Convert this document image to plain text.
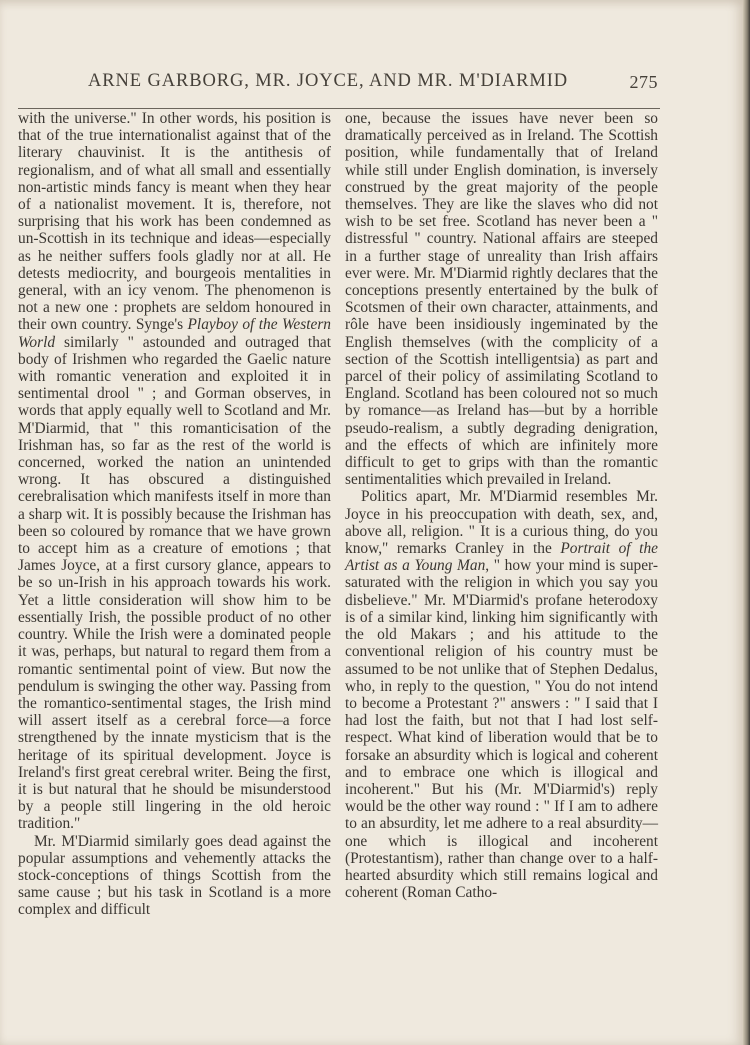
ARNE GARBORG, MR. JOYCE, AND MR. M'DIARMID	275

with the universe." In other words, his position is that of the true internationalist against that of the literary chauvinist. It is the antithesis of regionalism, and of what all small and essentially non-artistic minds fancy is meant when they hear of a nationalist movement. It is, therefore, not surprising that his work has been condemned as un-Scottish in its technique and ideas—especially as he neither suffers fools gladly nor at all. He detests mediocrity, and bourgeois mentalities in general, with an icy venom. The phenomenon is not a new one : prophets are seldom honoured in their own country. Synge's Playboy of the Western World similarly " astounded and outraged that body of Irishmen who regarded the Gaelic nature with romantic veneration and exploited it in sentimental drool " ; and Gorman observes, in words that apply equally well to Scotland and Mr. M'Diarmid, that " this romanticisation of the Irishman has, so far as the rest of the world is concerned, worked the nation an unintended wrong. It has obscured a distinguished cerebralisation which manifests itself in more than a sharp wit. It is possibly because the Irishman has been so coloured by romance that we have grown to accept him as a creature of emotions ; that James Joyce, at a first cursory glance, appears to be so un-Irish in his approach towards his work. Yet a little consideration will show him to be essentially Irish, the possible product of no other country. While the Irish were a dominated people it was, perhaps, but natural to regard them from a romantic sentimental point of view. But now the pendulum is swinging the other way. Passing from the romantico-sentimental stages, the Irish mind will assert itself as a cerebral force—a force strengthened by the innate mysticism that is the heritage of its spiritual development. Joyce is Ireland's first great cerebral writer. Being the first, it is but natural that he should be misunderstood by a people still lingering in the old heroic tradition."

Mr. M'Diarmid similarly goes dead against the popular assumptions and vehemently attacks the stock-conceptions of things Scottish from the same cause ; but his task in Scotland is a more complex and difficult

one, because the issues have never been so dramatically perceived as in Ireland. The Scottish position, while fundamentally that of Ireland while still under English domination, is inversely construed by the great majority of the people themselves. They are like the slaves who did not wish to be set free. Scotland has never been a " distressful " country. National affairs are steeped in a further stage of unreality than Irish affairs ever were. Mr. M'Diarmid rightly declares that the conceptions presently entertained by the bulk of Scotsmen of their own character, attainments, and rôle have been insidiously ingeminated by the English themselves (with the complicity of a section of the Scottish intelligentsia) as part and parcel of their policy of assimilating Scotland to England. Scotland has been coloured not so much by romance—as Ireland has—but by a horrible pseudo-realism, a subtly degrading denigration, and the effects of which are infinitely more difficult to get to grips with than the romantic sentimentalities which prevailed in Ireland.

Politics apart, Mr. M'Diarmid resembles Mr. Joyce in his preoccupation with death, sex, and, above all, religion. " It is a curious thing, do you know," remarks Cranley in the Portrait of the Artist as a Young Man, " how your mind is super-saturated with the religion in which you say you disbelieve." Mr. M'Diarmid's profane heterodoxy is of a similar kind, linking him significantly with the old Makars ; and his attitude to the conventional religion of his country must be assumed to be not unlike that of Stephen Dedalus, who, in reply to the question, " You do not intend to become a Protestant ?" answers : " I said that I had lost the faith, but not that I had lost self-respect. What kind of liberation would that be to forsake an absurdity which is logical and coherent and to embrace one which is illogical and incoherent." But his (Mr. M'Diarmid's) reply would be the other way round : " If I am to adhere to an absurdity, let me adhere to a real absurdity—one which is illogical and incoherent (Protestantism), rather than change over to a half-hearted absurdity which still remains logical and coherent (Roman Catho-
